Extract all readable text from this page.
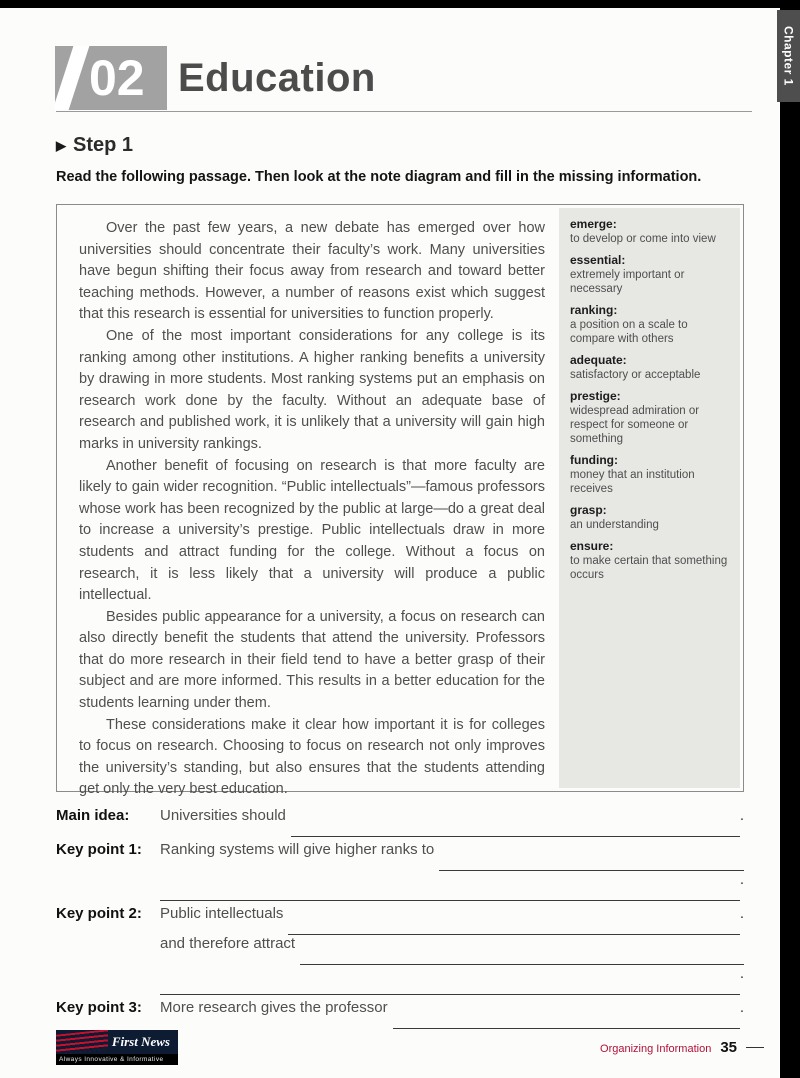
02 Education
▶ Step 1

Read the following passage. Then look at the note diagram and fill in the missing information.

Over the past few years, a new debate has emerged over how universities should concentrate their faculty’s work. Many universities have begun shifting their focus away from research and toward better teaching methods. However, a number of reasons exist which suggest that this research is essential for universities to function properly.

One of the most important considerations for any college is its ranking among other institutions. A higher ranking benefits a university by drawing in more students. Most ranking systems put an emphasis on research work done by the faculty. Without an adequate base of research and published work, it is unlikely that a university will gain high marks in university rankings.

Another benefit of focusing on research is that more faculty are likely to gain wider recognition. “Public intellectuals”—famous professors whose work has been recognized by the public at large—do a great deal to increase a university’s prestige. Public intellectuals draw in more students and attract funding for the college. Without a focus on research, it is less likely that a university will produce a public intellectual.

Besides public appearance for a university, a focus on research can also directly benefit the students that attend the university. Professors that do more research in their field tend to have a better grasp of their subject and are more informed. This results in a better education for the students learning under them.

These considerations make it clear how important it is for colleges to focus on research. Choosing to focus on research not only improves the university’s standing, but also ensures that the students attending get only the very best education.

emerge:
to develop or come into view
essential:
extremely important or necessary
ranking:
a position on a scale to compare with others
adequate:
satisfactory or acceptable
prestige:
widespread admiration or respect for someone or something
funding:
money that an institution receives
grasp:
an understanding
ensure:
to make certain that something occurs
Main idea:	Universities should	.
Key point 1:	Ranking systems will give higher ranks to
.
Key point 2:	Public intellectuals	.
and therefore attract
.
Key point 3:	More research gives the professor	.
First News
Always Innovative & Informative
Organizing Information 35
Chapter 1
